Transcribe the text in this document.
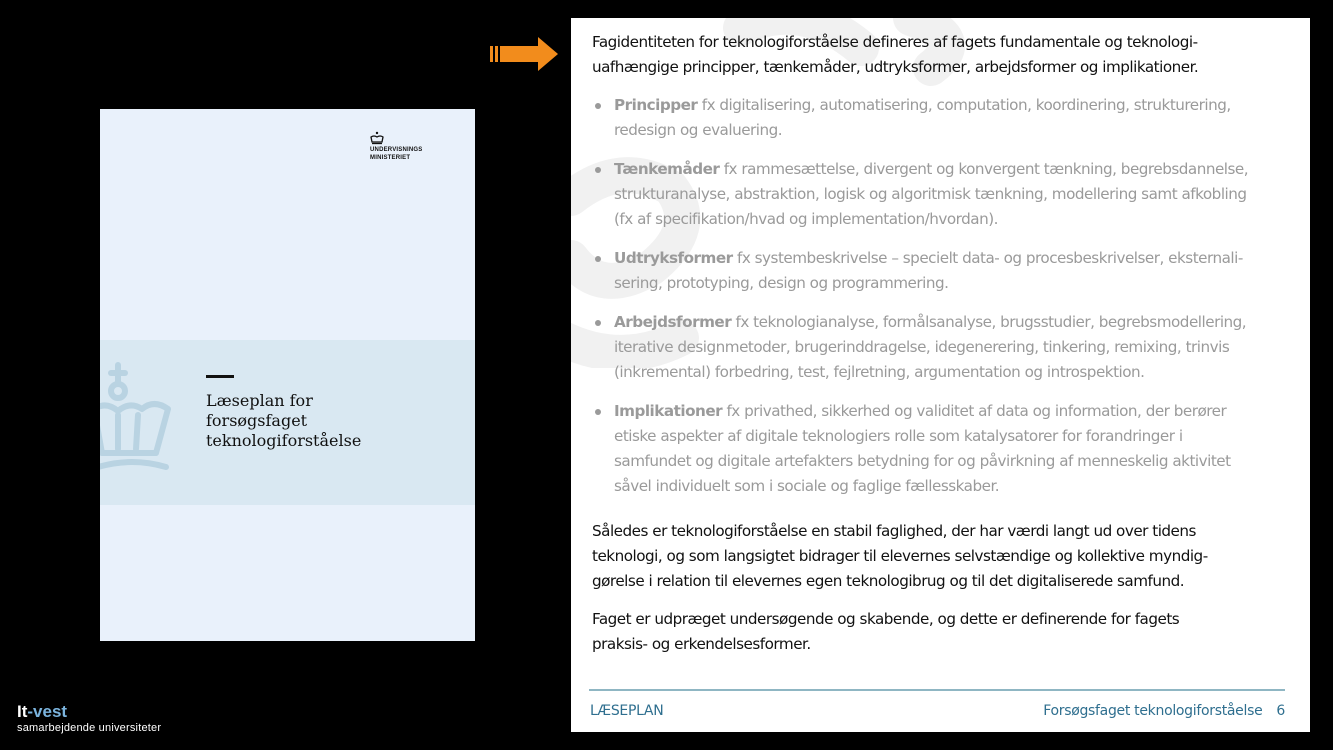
UNDERVISNINGS
MINISTERIET
Læseplan for
forsøgsfaget
teknologiforståelse

Fagidentiteten for teknologiforståelse defineres af fagets fundamentale og teknologi-
uafhængige principper, tænkemåder, udtryksformer, arbejdsformer og implikationer.

Principper fx digitalisering, automatisering, computation, koordinering, strukturering,
redesign og evaluering.
Tænkemåder fx rammesættelse, divergent og konvergent tænkning, begrebsdannelse,
strukturanalyse, abstraktion, logisk og algoritmisk tænkning, modellering samt afkobling
(fx af specifikation/hvad og implementation/hvordan).
Udtryksformer fx systembeskrivelse – specielt data- og procesbeskrivelser, eksternali-
sering, prototyping, design og programmering.
Arbejdsformer fx teknologianalyse, formålsanalyse, brugsstudier, begrebsmodellering,
iterative designmetoder, brugerinddragelse, idegenerering, tinkering, remixing, trinvis
(inkremental) forbedring, test, fejlretning, argumentation og introspektion.
Implikationer fx privathed, sikkerhed og validitet af data og information, der berører
etiske aspekter af digitale teknologiers rolle som katalysatorer for forandringer i
samfundet og digitale artefakters betydning for og påvirkning af menneskelig aktivitet
såvel individuelt som i sociale og faglige fællesskaber.

Således er teknologiforståelse en stabil faglighed, der har værdi langt ud over tidens
teknologi, og som langsigtet bidrager til elevernes selvstændige og kollektive myndig-
gørelse i relation til elevernes egen teknologibrug og til det digitaliserede samfund.

Faget er udpræget undersøgende og skabende, og dette er definerende for fagets
praksis- og erkendelsesformer.

LÆSEPLAN	Forsøgsfaget teknologiforståelse 6
It-vest
samarbejdende universiteter
